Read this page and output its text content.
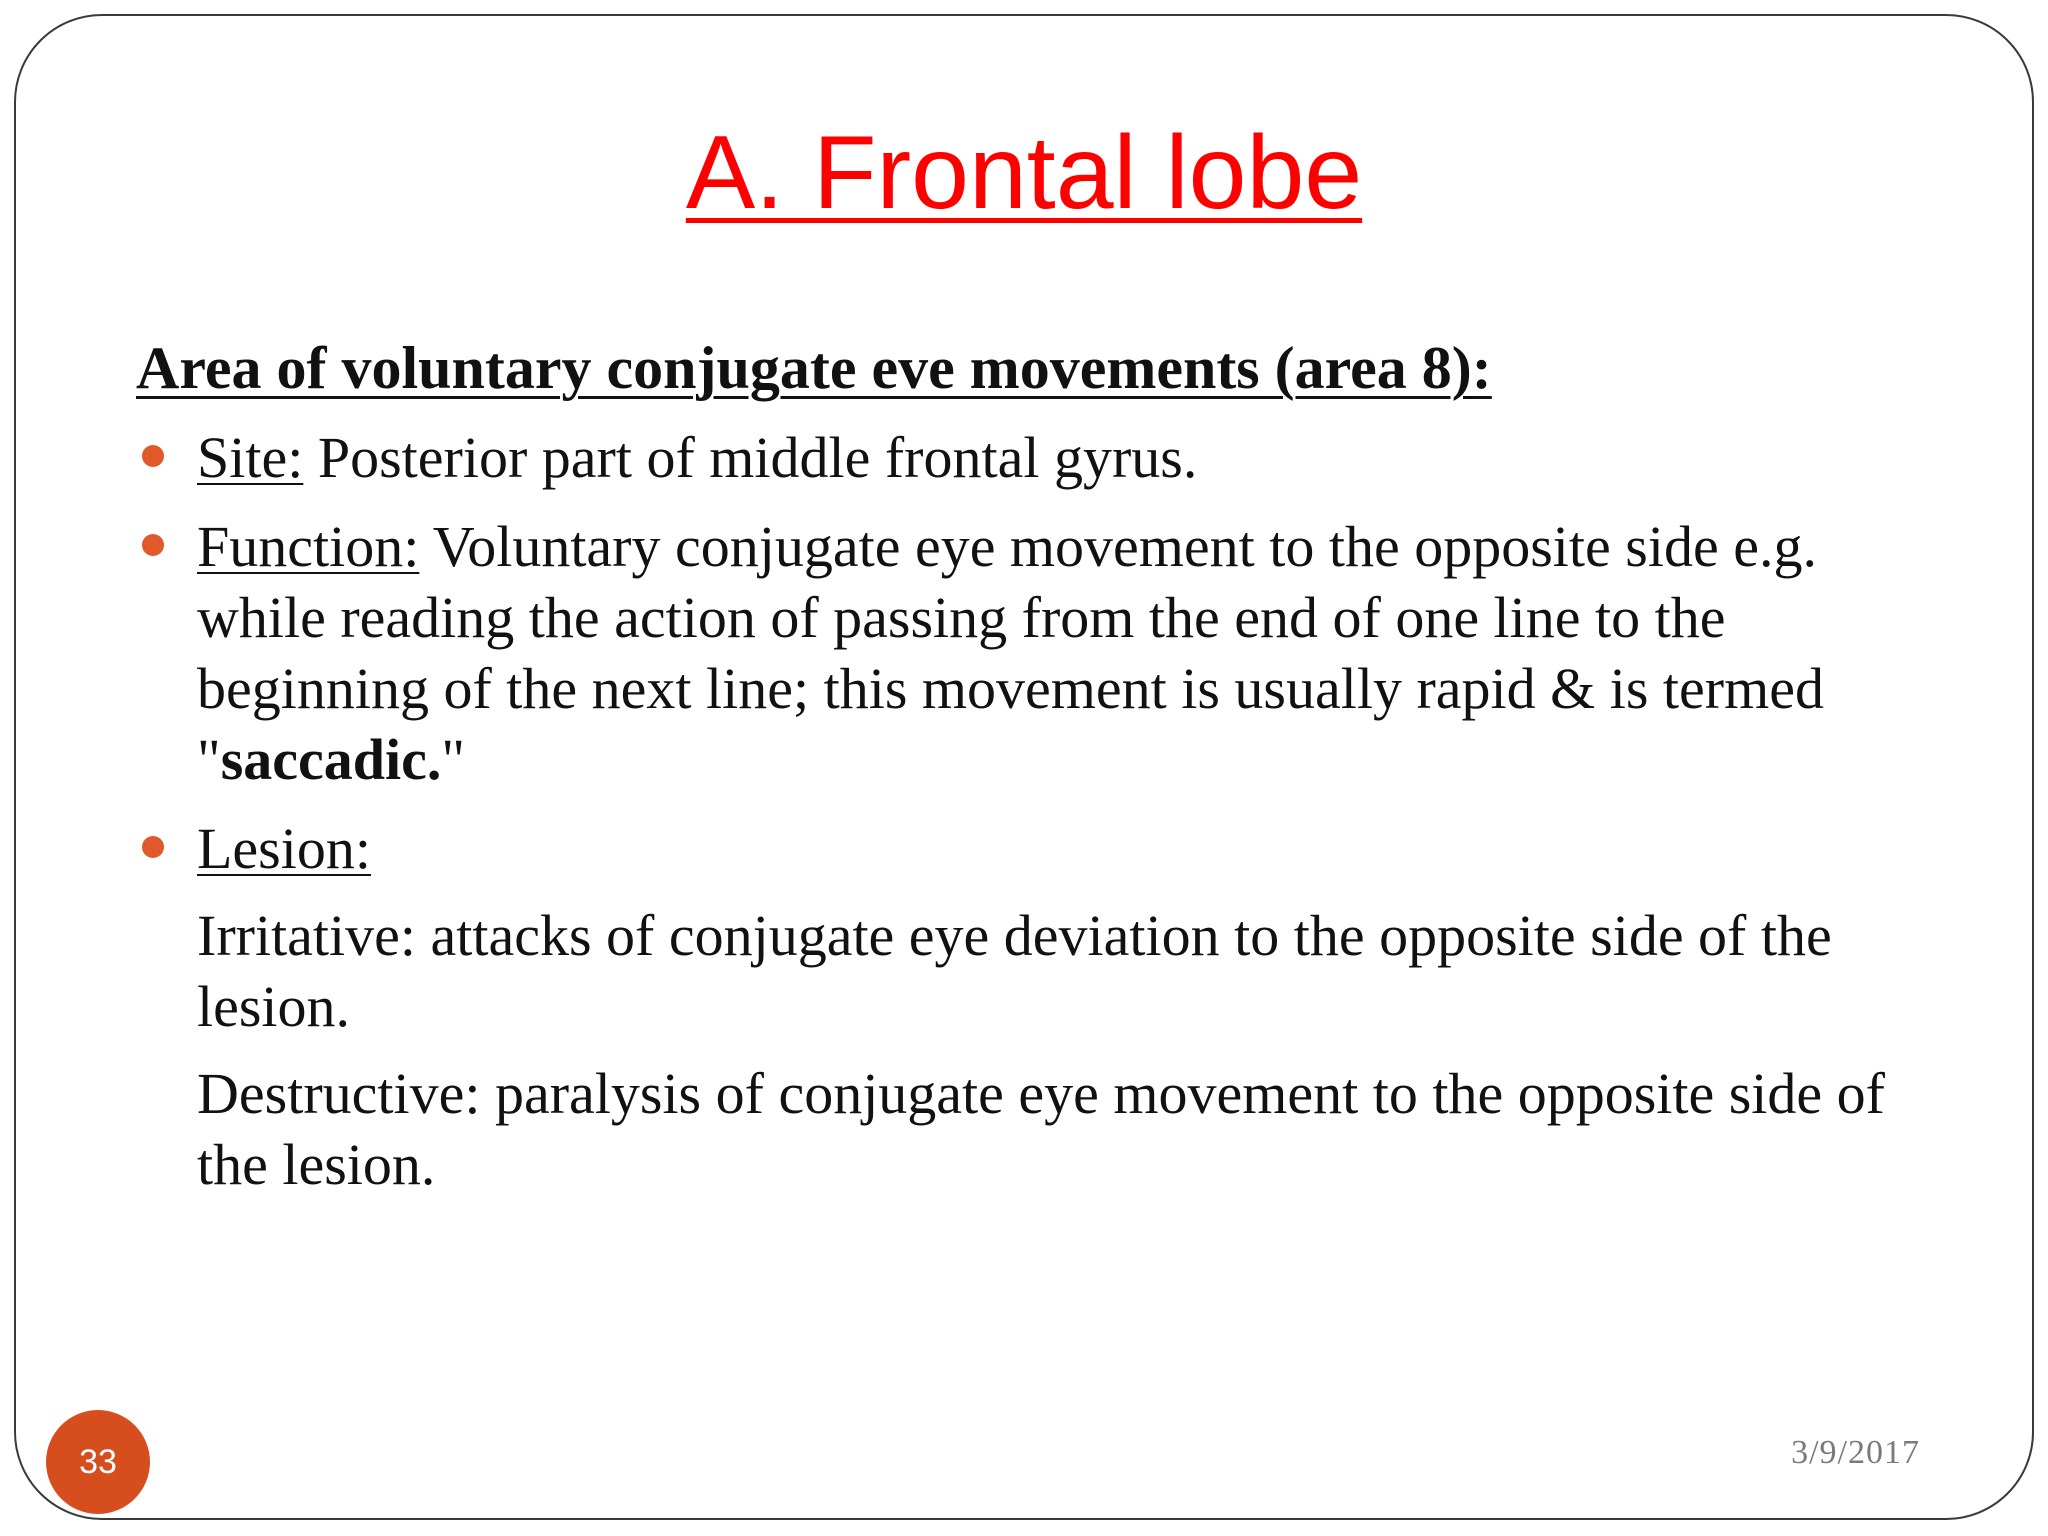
A. Frontal lobe
Area of voluntary conjugate eve movements (area 8):
Site: Posterior part of middle frontal gyrus.
Function: Voluntary conjugate eye movement to the opposite side e.g. while reading the action of passing from the end of one line to the beginning of the next line; this movement is usually rapid & is termed "saccadic."
Lesion:
Irritative: attacks of conjugate eye deviation to the opposite side of the lesion.
Destructive: paralysis of conjugate eye movement to the opposite side of the lesion.
33	3/9/2017
